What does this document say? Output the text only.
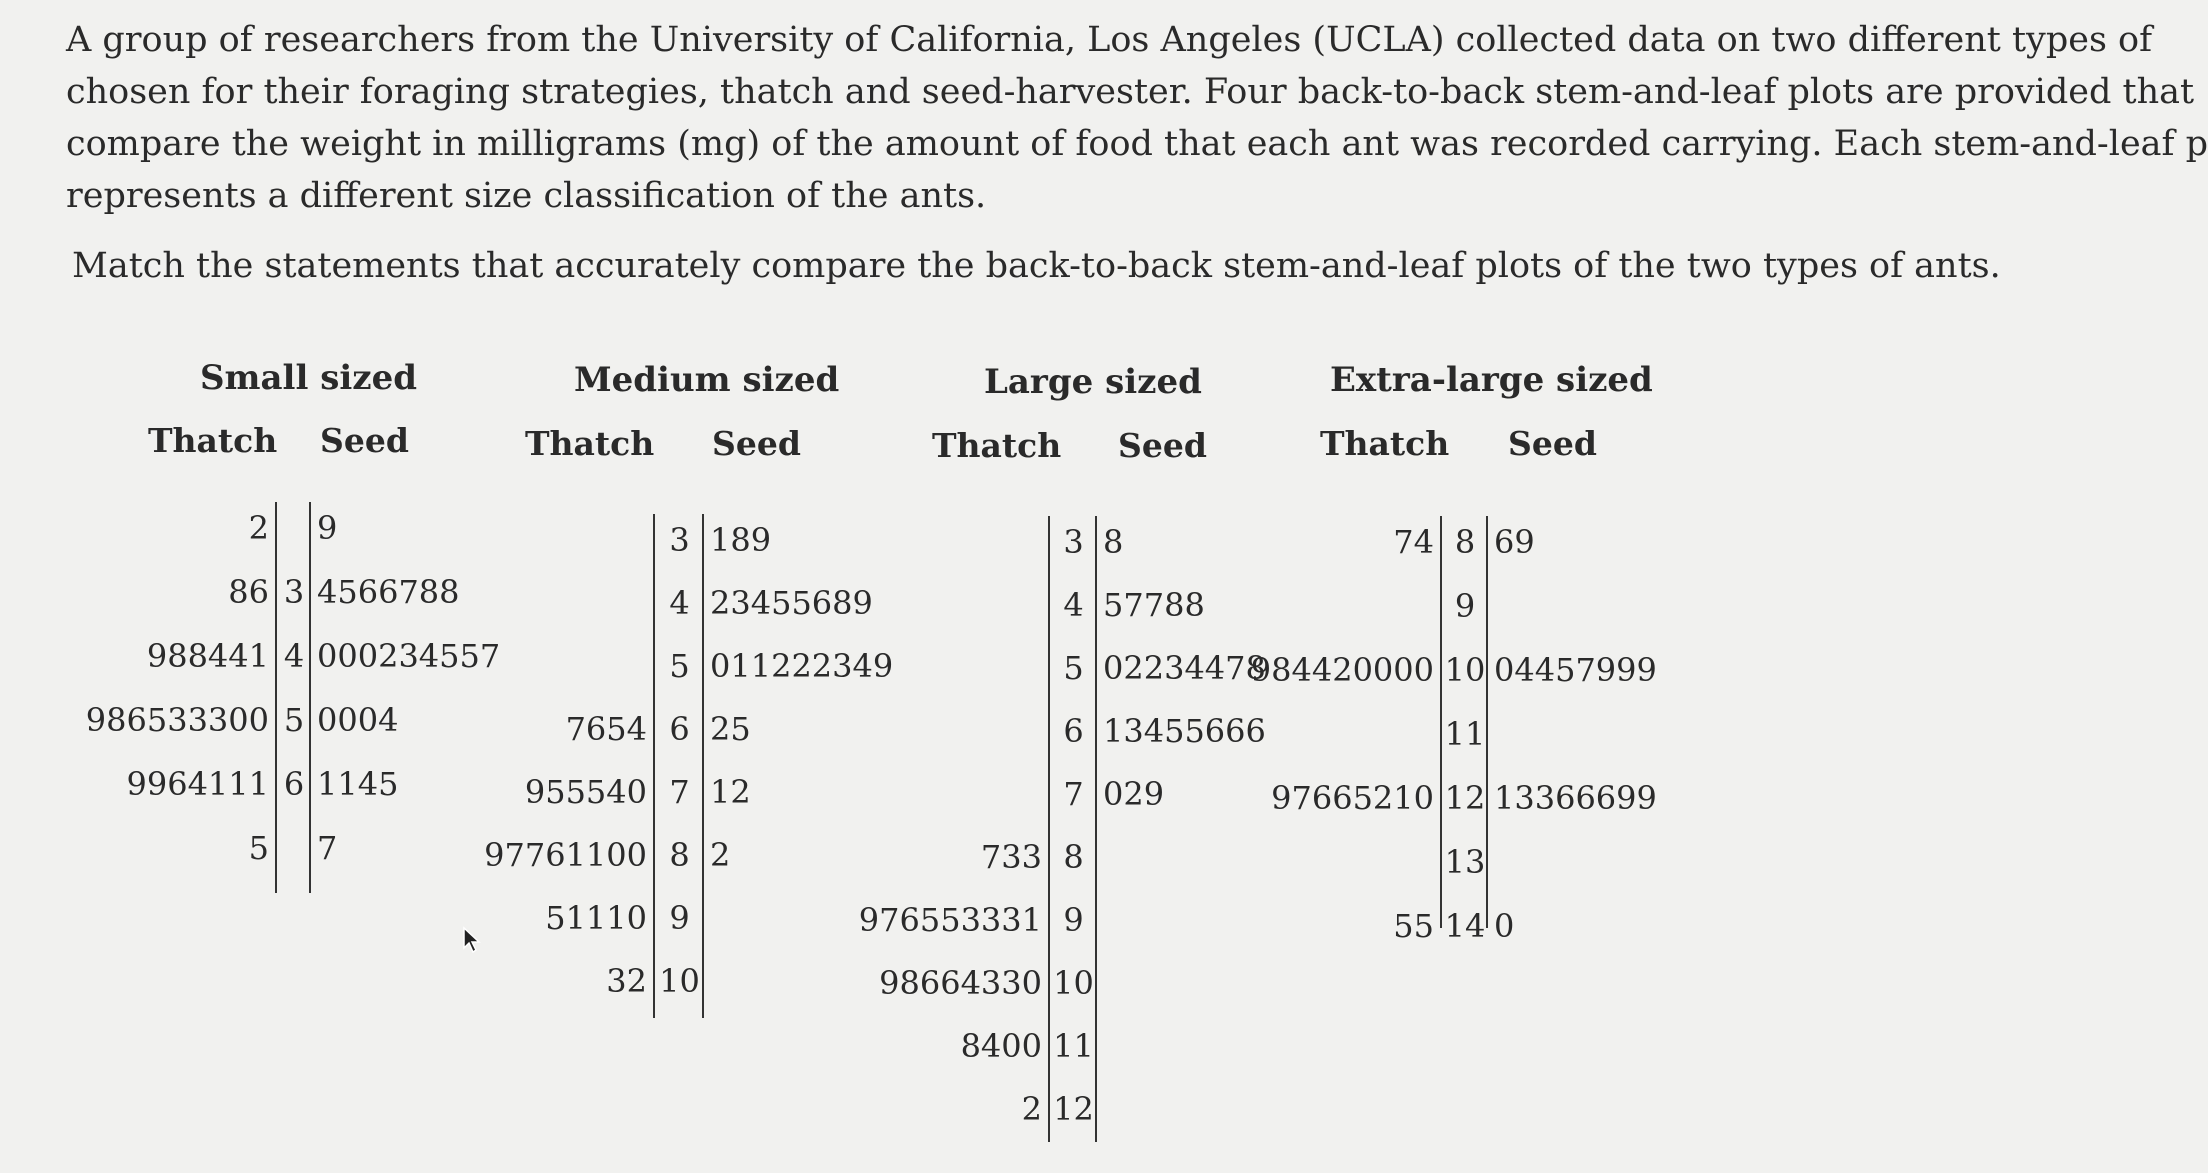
A group of researchers from the University of California, Los Angeles (UCLA) collected data on two different types of

chosen for their foraging strategies, thatch and seed-harvester. Four back-to-back stem-and-leaf plots are provided that

compare the weight in milligrams (mg) of the amount of food that each ant was recorded carrying. Each stem-and-leaf p

represents a different size classification of the ants.

Match the statements that accurately compare the back-to-back stem-and-leaf plots of the two types of ants.
Small sized
Thatch Seed
2 9
86 3 4566788
988441 4 000234557
986533300 5 0004
9964111 6 1145
5 7
Medium sized
Thatch Seed
3 189
4 23455689
5 011222349
7654 6 25
955540 7 12
97761100 8 2
51110 9
32 10
Large sized
Thatch Seed
3 8
4 57788
5 02234478
6 13455666
7 029
733 8
976553331 9
98664330 10
8400 11
2 12
Extra-large sized
Thatch Seed
74 8 69
9
984420000 10 04457999
11
97665210 12 13366699
13
55 14 0
